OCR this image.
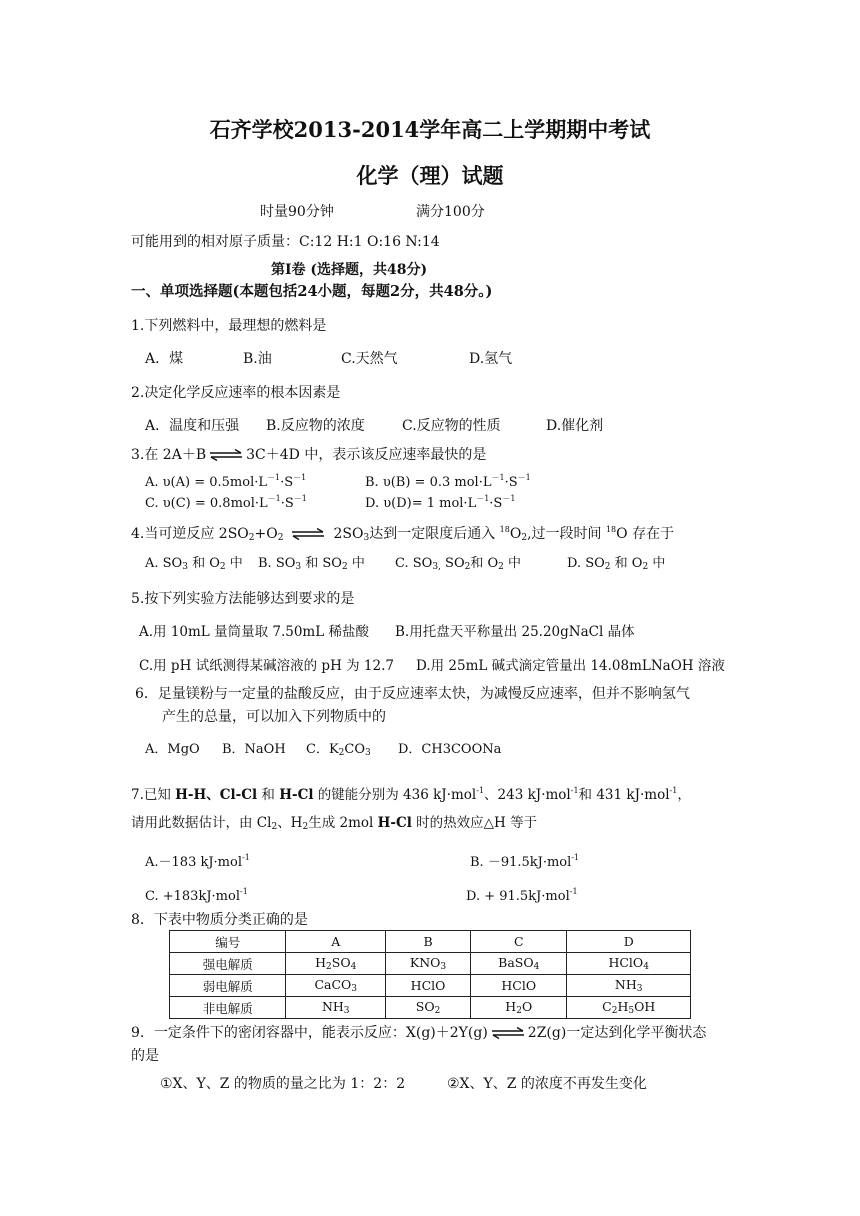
石齐学校2013-2014学年高二上学期期中考试
化学（理）试题
时量90分钟	满分100分
可能用到的相对原子质量：C:12 H:1 O:16 N:14
第Ⅰ卷 (选择题，共48分)
一、单项选择题(本题包括24小题，每题2分，共48分。)
1.下列燃料中，最理想的燃料是
A．煤	B.油	C.天然气	D.氢气
2.决定化学反应速率的根本因素是
A．温度和压强 B.反应物的浓度	C.反应物的性质	D.催化剂
3.在 2A＋B ⇌ 3C＋4D 中，表示该反应速率最快的是
A. $\upsilon(A) = 0.5mol\cdot L^{-1}\cdot S^{-1}$	B. υ(B) = 0.3 $mol\cdot L^{-1}\cdot S^{-1}$
C. $\upsilon(C) = 0.8mol\cdot L^{-1}\cdot S^{-1}$	D. υ(D)= 1 $mol\cdot L^{-1}\cdot S^{-1}$
4.当可逆反应 $2SO_2+O_2$ ⇌ $2SO_3$达到一定限度后通入 $^{18}O_2$,过一段时间 $^{18}$O 存在于
A. $SO_3$ 和 $O_2$ 中 B. $SO_3$ 和 $SO_2$ 中 C. $SO_{3,}$ $SO_2$和 $O_2$ 中	D. $SO_2$ 和 $O_2$ 中
5.按下列实验方法能够达到要求的是
A.用 10mL 量筒量取 7.50mL 稀盐酸 B.用托盘天平称量出 25.20gNaCl 晶体
C.用 pH 试纸测得某碱溶液的 pH 为 12.7 D.用 25mL 碱式滴定管量出 14.08mLNaOH 溶液
6．足量镁粉与一定量的盐酸反应，由于反应速率太快，为减慢反应速率，但并不影响氢气
产生的总量，可以加入下列物质中的
A．MgO B．NaOH C．$K_2CO_3$ D．CH3COONa
7.已知 H-H、Cl-Cl 和 H-Cl 的键能分别为 436 kJ·mol$^{-1}$、243 kJ·mol$^{-1}$和 431 kJ·mol$^{-1}$，
请用此数据估计，由 $Cl_2$、$H_2$生成 2mol H-Cl 时的热效应△H 等于
A.－183 kJ·mol$^{-1}$	B. －91.5kJ·mol$^{-1}$
C. +183kJ·mol$^{-1}$	D. + 91.5kJ·mol$^{-1}$
8．下表中物质分类正确的是
编号	A	B	C	D
强电解质	$H_2SO_4$	$KNO_3$	BaSO$_4$	HClO$_4$
弱电解质	CaCO$_3$	HClO	HClO	$NH_3$
非电解质	$NH_3$	$SO_2$	$H_2O$	$C_2H_5OH$
9．一定条件下的密闭容器中，能表示反应：X(g)＋2Y(g) ⇌ 2Z(g)一定达到化学平衡状态
的是
①X、Y、Z 的物质的量之比为 1：2：2	②X、Y、Z 的浓度不再发生变化
